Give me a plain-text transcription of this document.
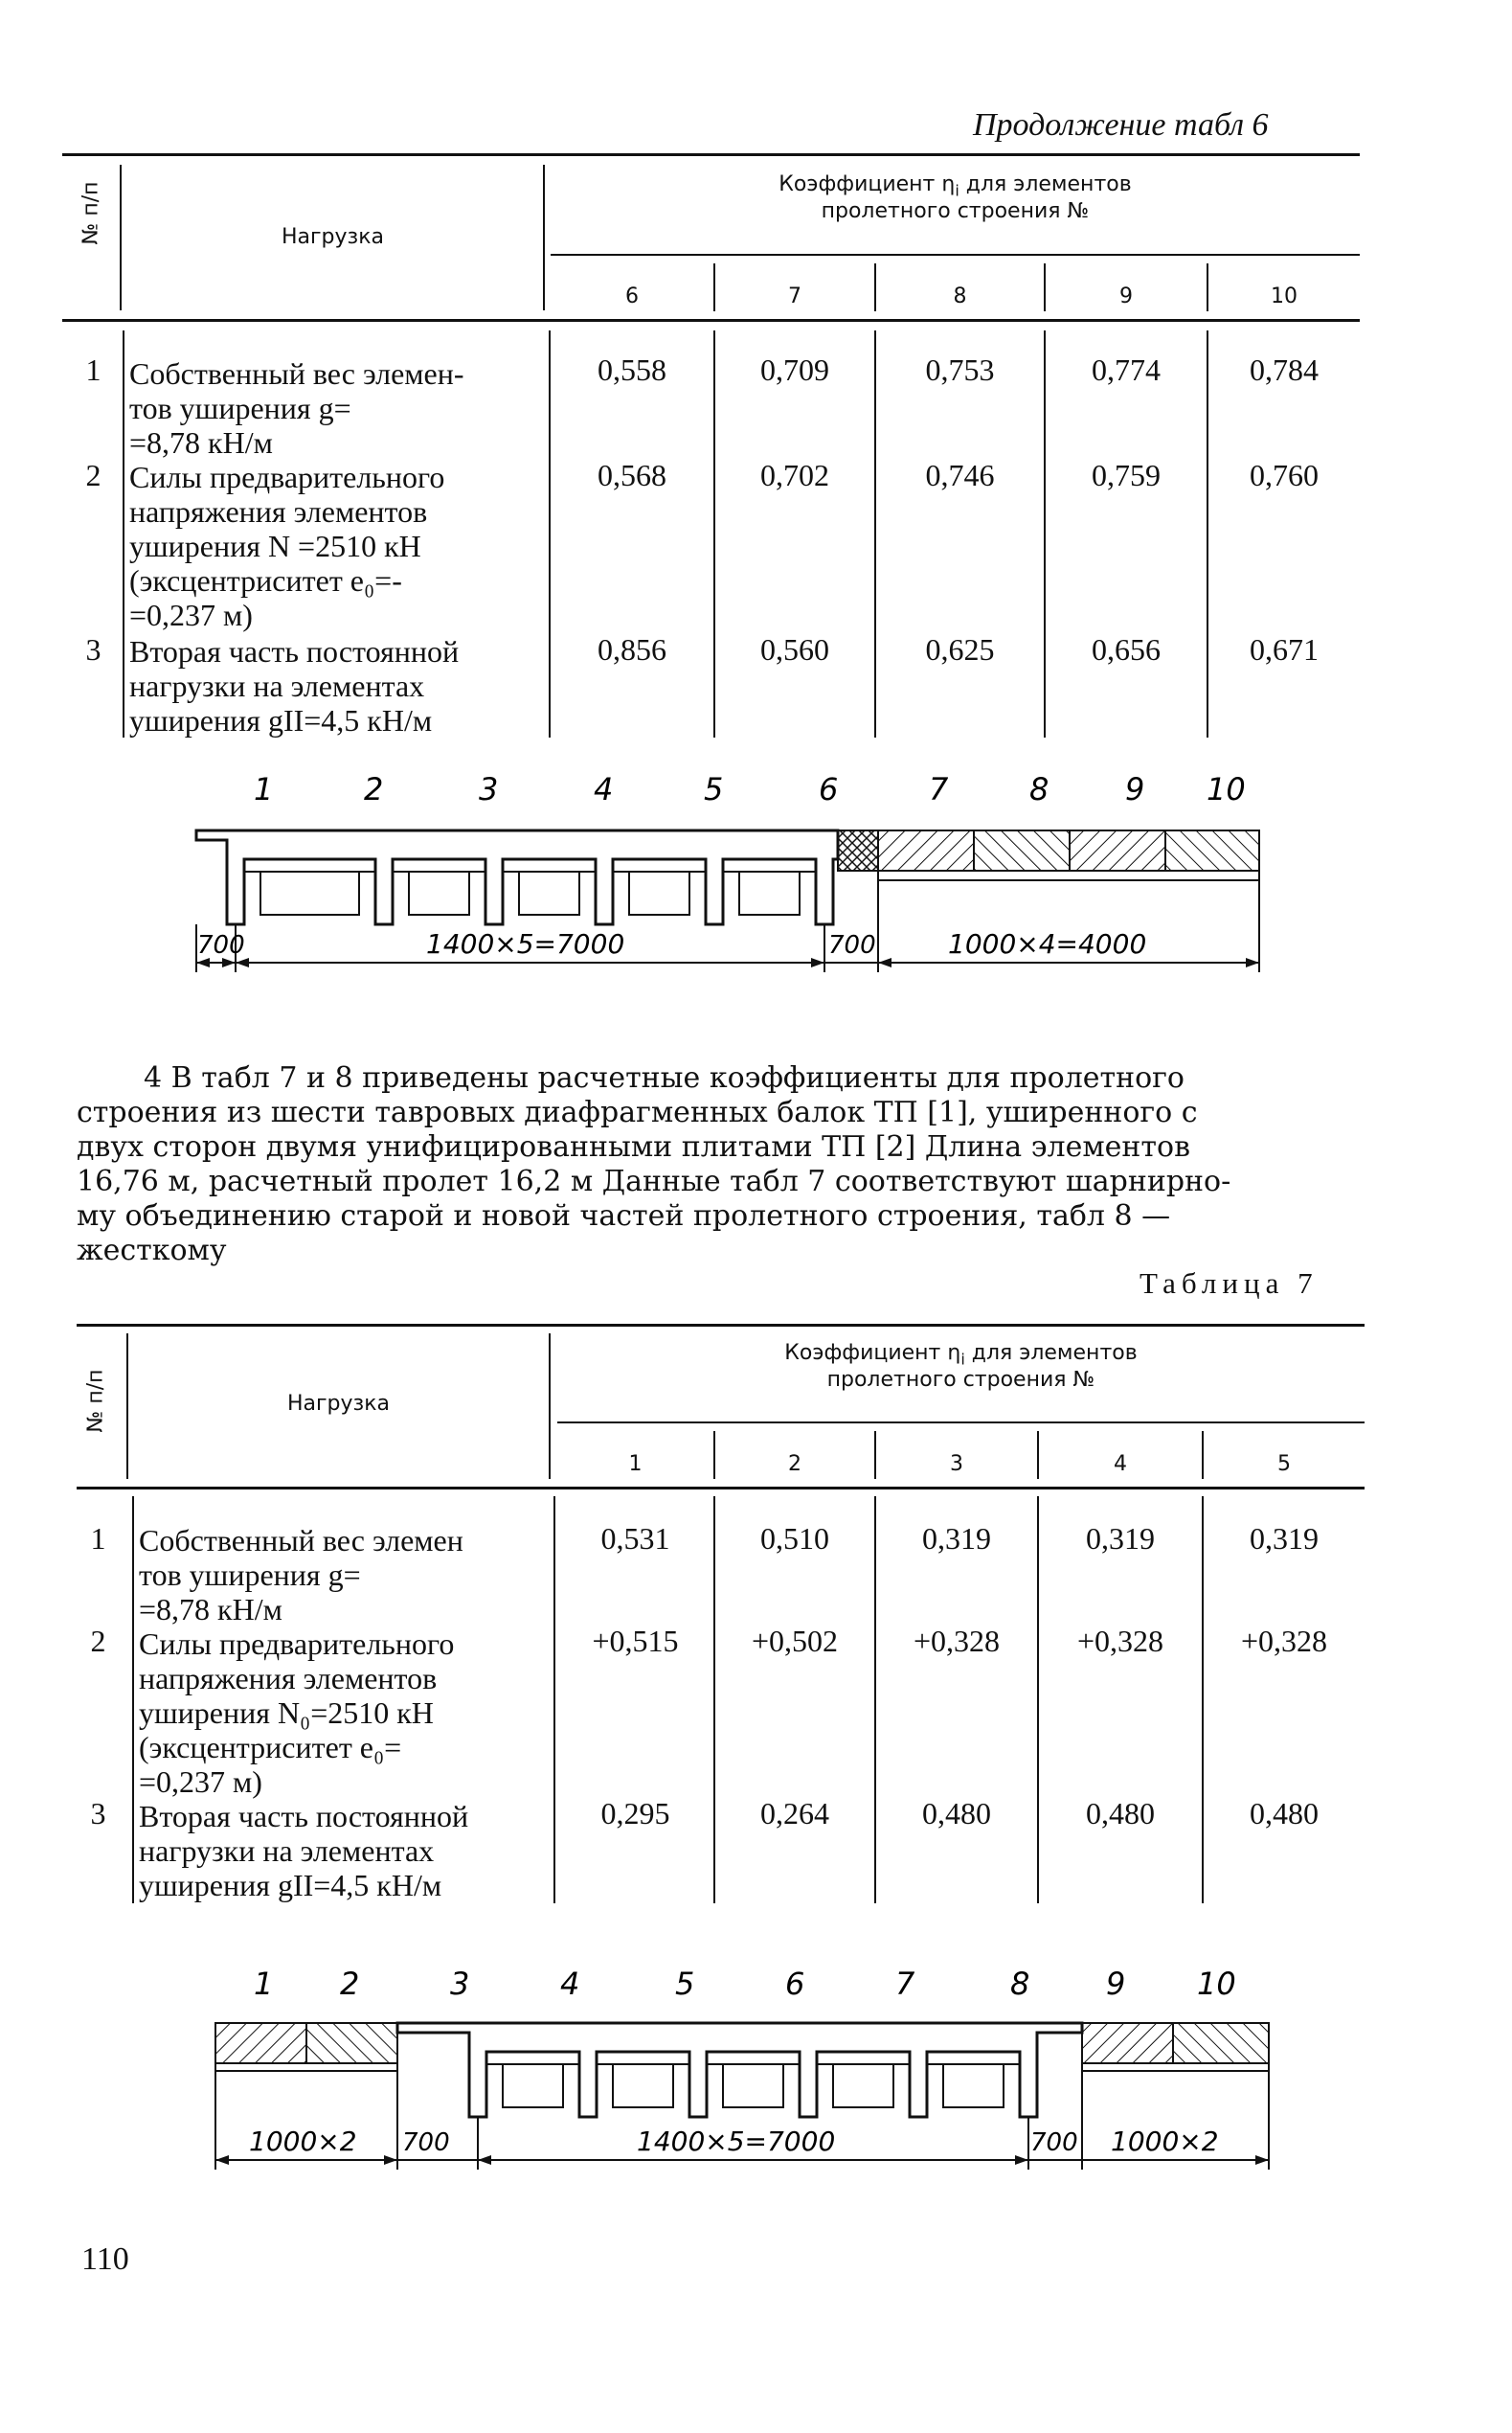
Продолжение табл 6
№ п/п	Нагрузка
Коэффициент $\eta_i$ для элементов
пролетного строения №
6	7	8	9	10
1 Собственный вес элемен-
тов уширения g=
=8,78 кН/м
0,558	0,709	0,753	0,774	0,784
2 Силы предварительного
напряжения элементов
уширения N =2510 кН
(эксцентриситет e₀=-
=0,237 м)
0,568	0,702	0,746	0,759	0,760
3 Вторая часть постоянной
нагрузки на элементах
уширения gII=4,5 кН/м
0,856	0,560	0,625	0,656	0,671
1	2	3	4	5	6	7	8 9 10
700	1400×5=7000	700	1000×4=4000
4 В табл 7 и 8 приведены расчетные коэффициенты для пролетного
строения из шести тавровых диафрагменных балок ТП [1], уширенного с
двух сторон двумя унифицированными плитами ТП [2] Длина элементов
16,76 м, расчетный пролет 16,2 м Данные табл 7 соответствуют шарнирно-
му объединению старой и новой частей пролетного строения, табл 8 —
жесткому
Таблица 7
№ п/п	Нагрузка
Коэффициент $\eta_i$ для элементов
пролетного строения №
1	2	3	4	5
1	Собственный вес элемен
тов уширения g=
=8,78 кН/м
0,531	0,510	0,319	0,319	0,319
2	Силы предварительного
напряжения элементов
уширения N₀=2510 кН
(эксцентриситет e₀=
=0,237 м)
+0,515	+0,502	+0,328	+0,328	+0,328
3	Вторая часть постоянной
нагрузки на элементах
уширения gII=4,5 кН/м
0,295	0,264	0,480	0,480	0,480
1 2	3	4	5	6	7	8 9 10
1000×2 700	1400×5=7000	700 1000×2
110
